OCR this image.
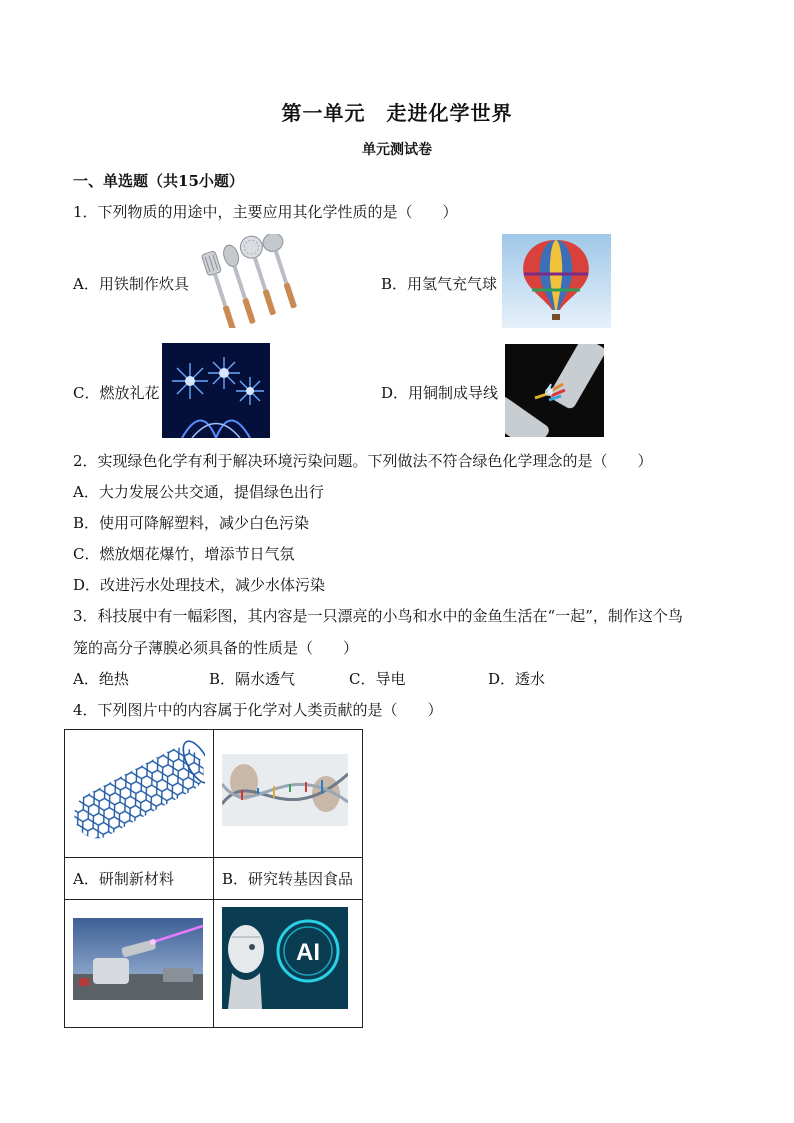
第一单元　走进化学世界
单元测试卷
一、单选题（共15小题）
1．下列物质的用途中，主要应用其化学性质的是（　　）
A．用铁制作炊具	B．用氢气充气球
C．燃放礼花	D．用铜制成导线
2．实现绿色化学有利于解决环境污染问题。下列做法不符合绿色化学理念的是（　　）
A．大力发展公共交通，提倡绿色出行
B．使用可降解塑料，减少白色污染
C．燃放烟花爆竹，增添节日气氛
D．改进污水处理技术，减少水体污染
3．科技展中有一幅彩图，其内容是一只漂亮的小鸟和水中的金鱼生活在“一起”，制作这个鸟
笼的高分子薄膜必须具备的性质是（　　）
A．绝热	B．隔水透气	C．导电	D．透水
4．下列图片中的内容属于化学对人类贡献的是（　　）

A．研制新材料	B．研究转基因食品

AI
